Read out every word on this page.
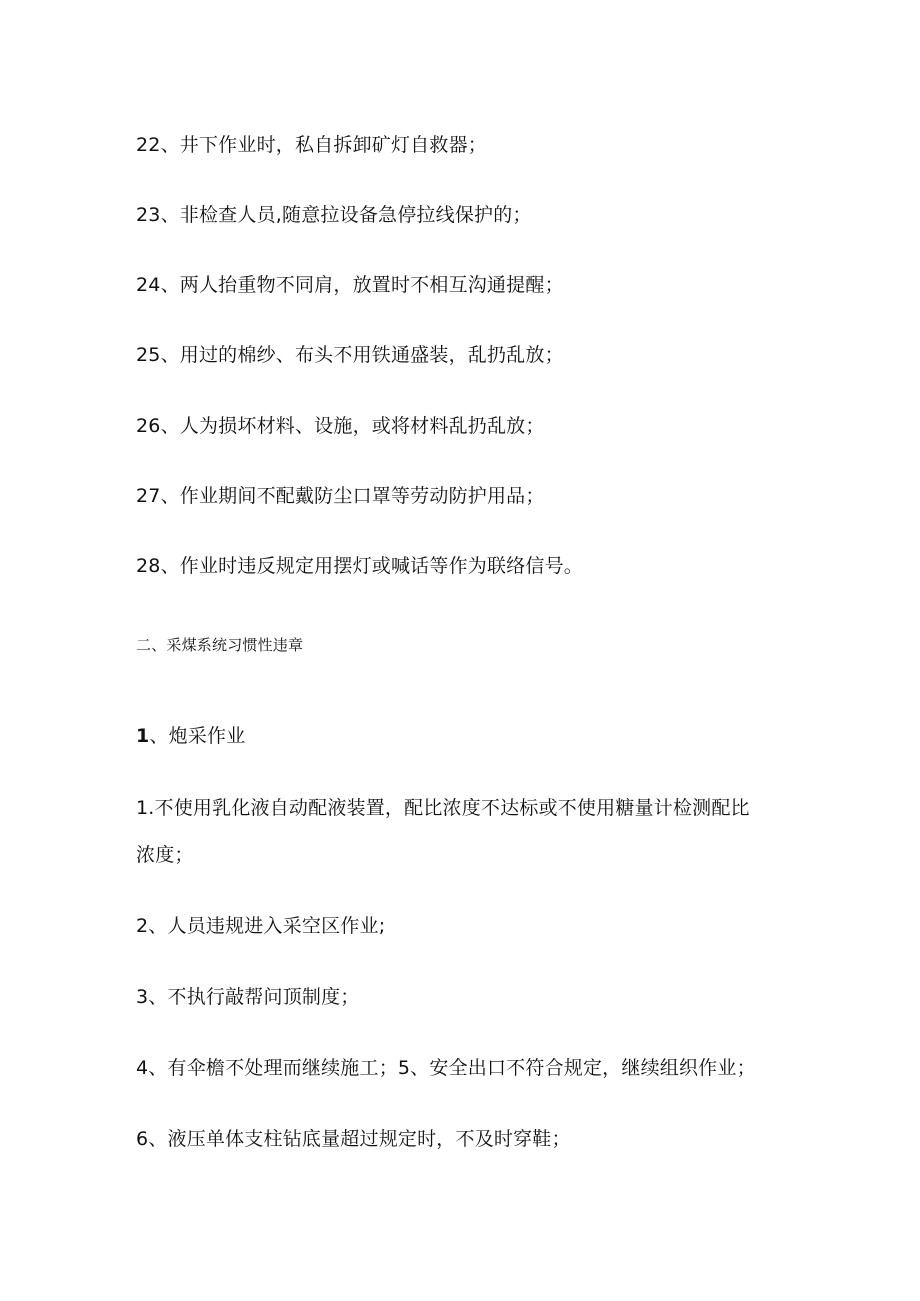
22、井下作业时，私自拆卸矿灯自救器；

23、非检查人员,随意拉设备急停拉线保护的；

24、两人抬重物不同肩，放置时不相互沟通提醒；

25、用过的棉纱、布头不用铁通盛装，乱扔乱放；

26、人为损坏材料、设施，或将材料乱扔乱放；

27、作业期间不配戴防尘口罩等劳动防护用品；

28、作业时违反规定用摆灯或喊话等作为联络信号。

二、采煤系统习惯性违章

1、炮采作业

1.不使用乳化液自动配液装置，配比浓度不达标或不使用糖量计检测配比

浓度；

2、人员违规进入采空区作业;

3、不执行敲帮问顶制度；

4、有伞檐不处理而继续施工；5、安全出口不符合规定，继续组织作业；

6、液压单体支柱钻底量超过规定时，不及时穿鞋；
